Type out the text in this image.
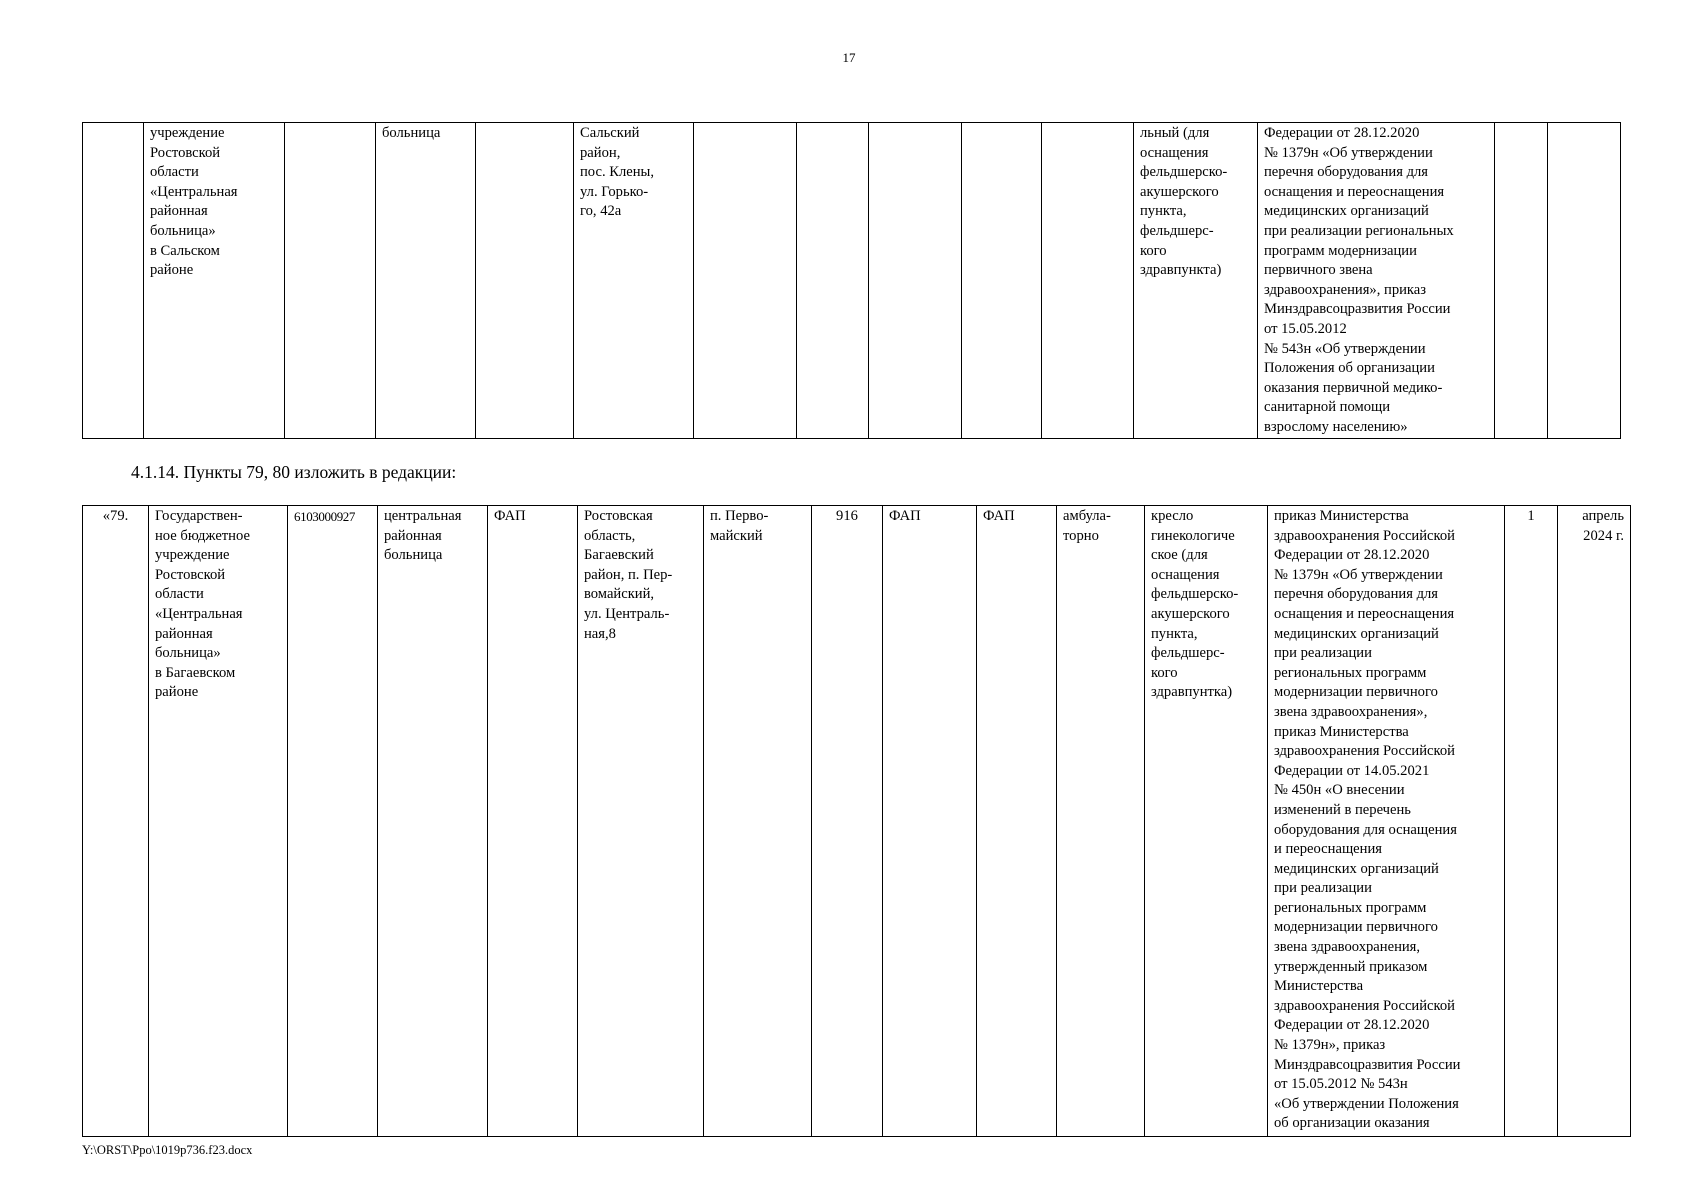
17
	учреждение
Ростовской
области
«Центральная
районная
больница»
в Сальском
районе		больница		Сальский
район,
пос. Клены,
ул. Горько-
го, 42а						льный (для
оснащения
фельдшерско-
акушерского
пункта,
фельдшерс-
кого
здравпункта)	Федерации от 28.12.2020
№ 1379н «Об утверждении
перечня оборудования для
оснащения и переоснащения
медицинских организаций
при реализации региональных
программ модернизации
первичного звена
здравоохранения», приказ
Минздравсоцразвития России
от 15.05.2012
№ 543н «Об утверждении
Положения об организации
оказания первичной медико-
санитарной помощи
взрослому населению»		
4.1.14. Пункты 79, 80 изложить в редакции:
«79.	Государствен-
ное бюджетное
учреждение
Ростовской
области
«Центральная
районная
больница»
в Багаевском
районе	6103000927	центральная
районная
больница	ФАП	Ростовская
область,
Багаевский
район, п. Пер-
вомайский,
ул. Централь-
ная,8	п. Перво-
майский	916	ФАП	ФАП	амбула-
торно	кресло
гинекологиче
ское (для
оснащения
фельдшерско-
акушерского
пункта,
фельдшерс-
кого
здравпунтка)	приказ Министерства
здравоохранения Российской
Федерации от 28.12.2020
№ 1379н «Об утверждении
перечня оборудования для
оснащения и переоснащения
медицинских организаций
при реализации
региональных программ
модернизации первичного
звена здравоохранения»,
приказ Министерства
здравоохранения Российской
Федерации от 14.05.2021
№ 450н «О внесении
изменений в перечень
оборудования для оснащения
и переоснащения
медицинских организаций
при реализации
региональных программ
модернизации первичного
звена здравоохранения,
утвержденный приказом
Министерства
здравоохранения Российской
Федерации от 28.12.2020
№ 1379н», приказ
Минздравсоцразвития России
от 15.05.2012 № 543н
«Об утверждении Положения
об организации оказания	1	апрель
2024 г.
Y:\ORST\Ppo\1019p736.f23.docx
